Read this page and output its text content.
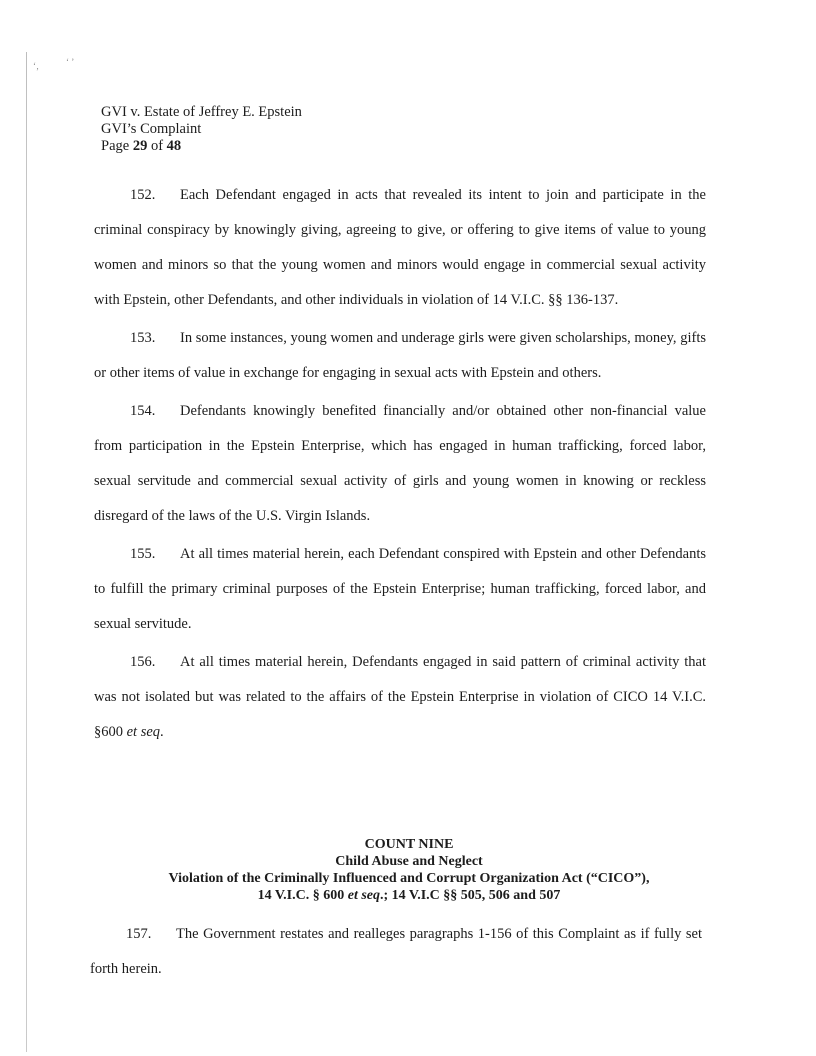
‘‚	‘ ’
GVI v. Estate of Jeffrey E. Epstein
GVI’s Complaint
Page 29 of 48

152. Each Defendant engaged in acts that revealed its intent to join and participate in the criminal conspiracy by knowingly giving, agreeing to give, or offering to give items of value to young women and minors so that the young women and minors would engage in commercial sexual activity with Epstein, other Defendants, and other individuals in violation of 14 V.I.C. §§ 136-137.

153. In some instances, young women and underage girls were given scholarships, money, gifts or other items of value in exchange for engaging in sexual acts with Epstein and others.

154. Defendants knowingly benefited financially and/or obtained other non-financial value from participation in the Epstein Enterprise, which has engaged in human trafficking, forced labor, sexual servitude and commercial sexual activity of girls and young women in knowing or reckless disregard of the laws of the U.S. Virgin Islands.

155. At all times material herein, each Defendant conspired with Epstein and other Defendants to fulfill the primary criminal purposes of the Epstein Enterprise; human trafficking, forced labor, and sexual servitude.

156. At all times material herein, Defendants engaged in said pattern of criminal activity that was not isolated but was related to the affairs of the Epstein Enterprise in violation of CICO 14 V.I.C. §600 et seq.

COUNT NINE
Child Abuse and Neglect
Violation of the Criminally Influenced and Corrupt Organization Act (“CICO”),
14 V.I.C. § 600 et seq.; 14 V.I.C §§ 505, 506 and 507

157. The Government restates and realleges paragraphs 1-156 of this Complaint as if fully set forth herein.
